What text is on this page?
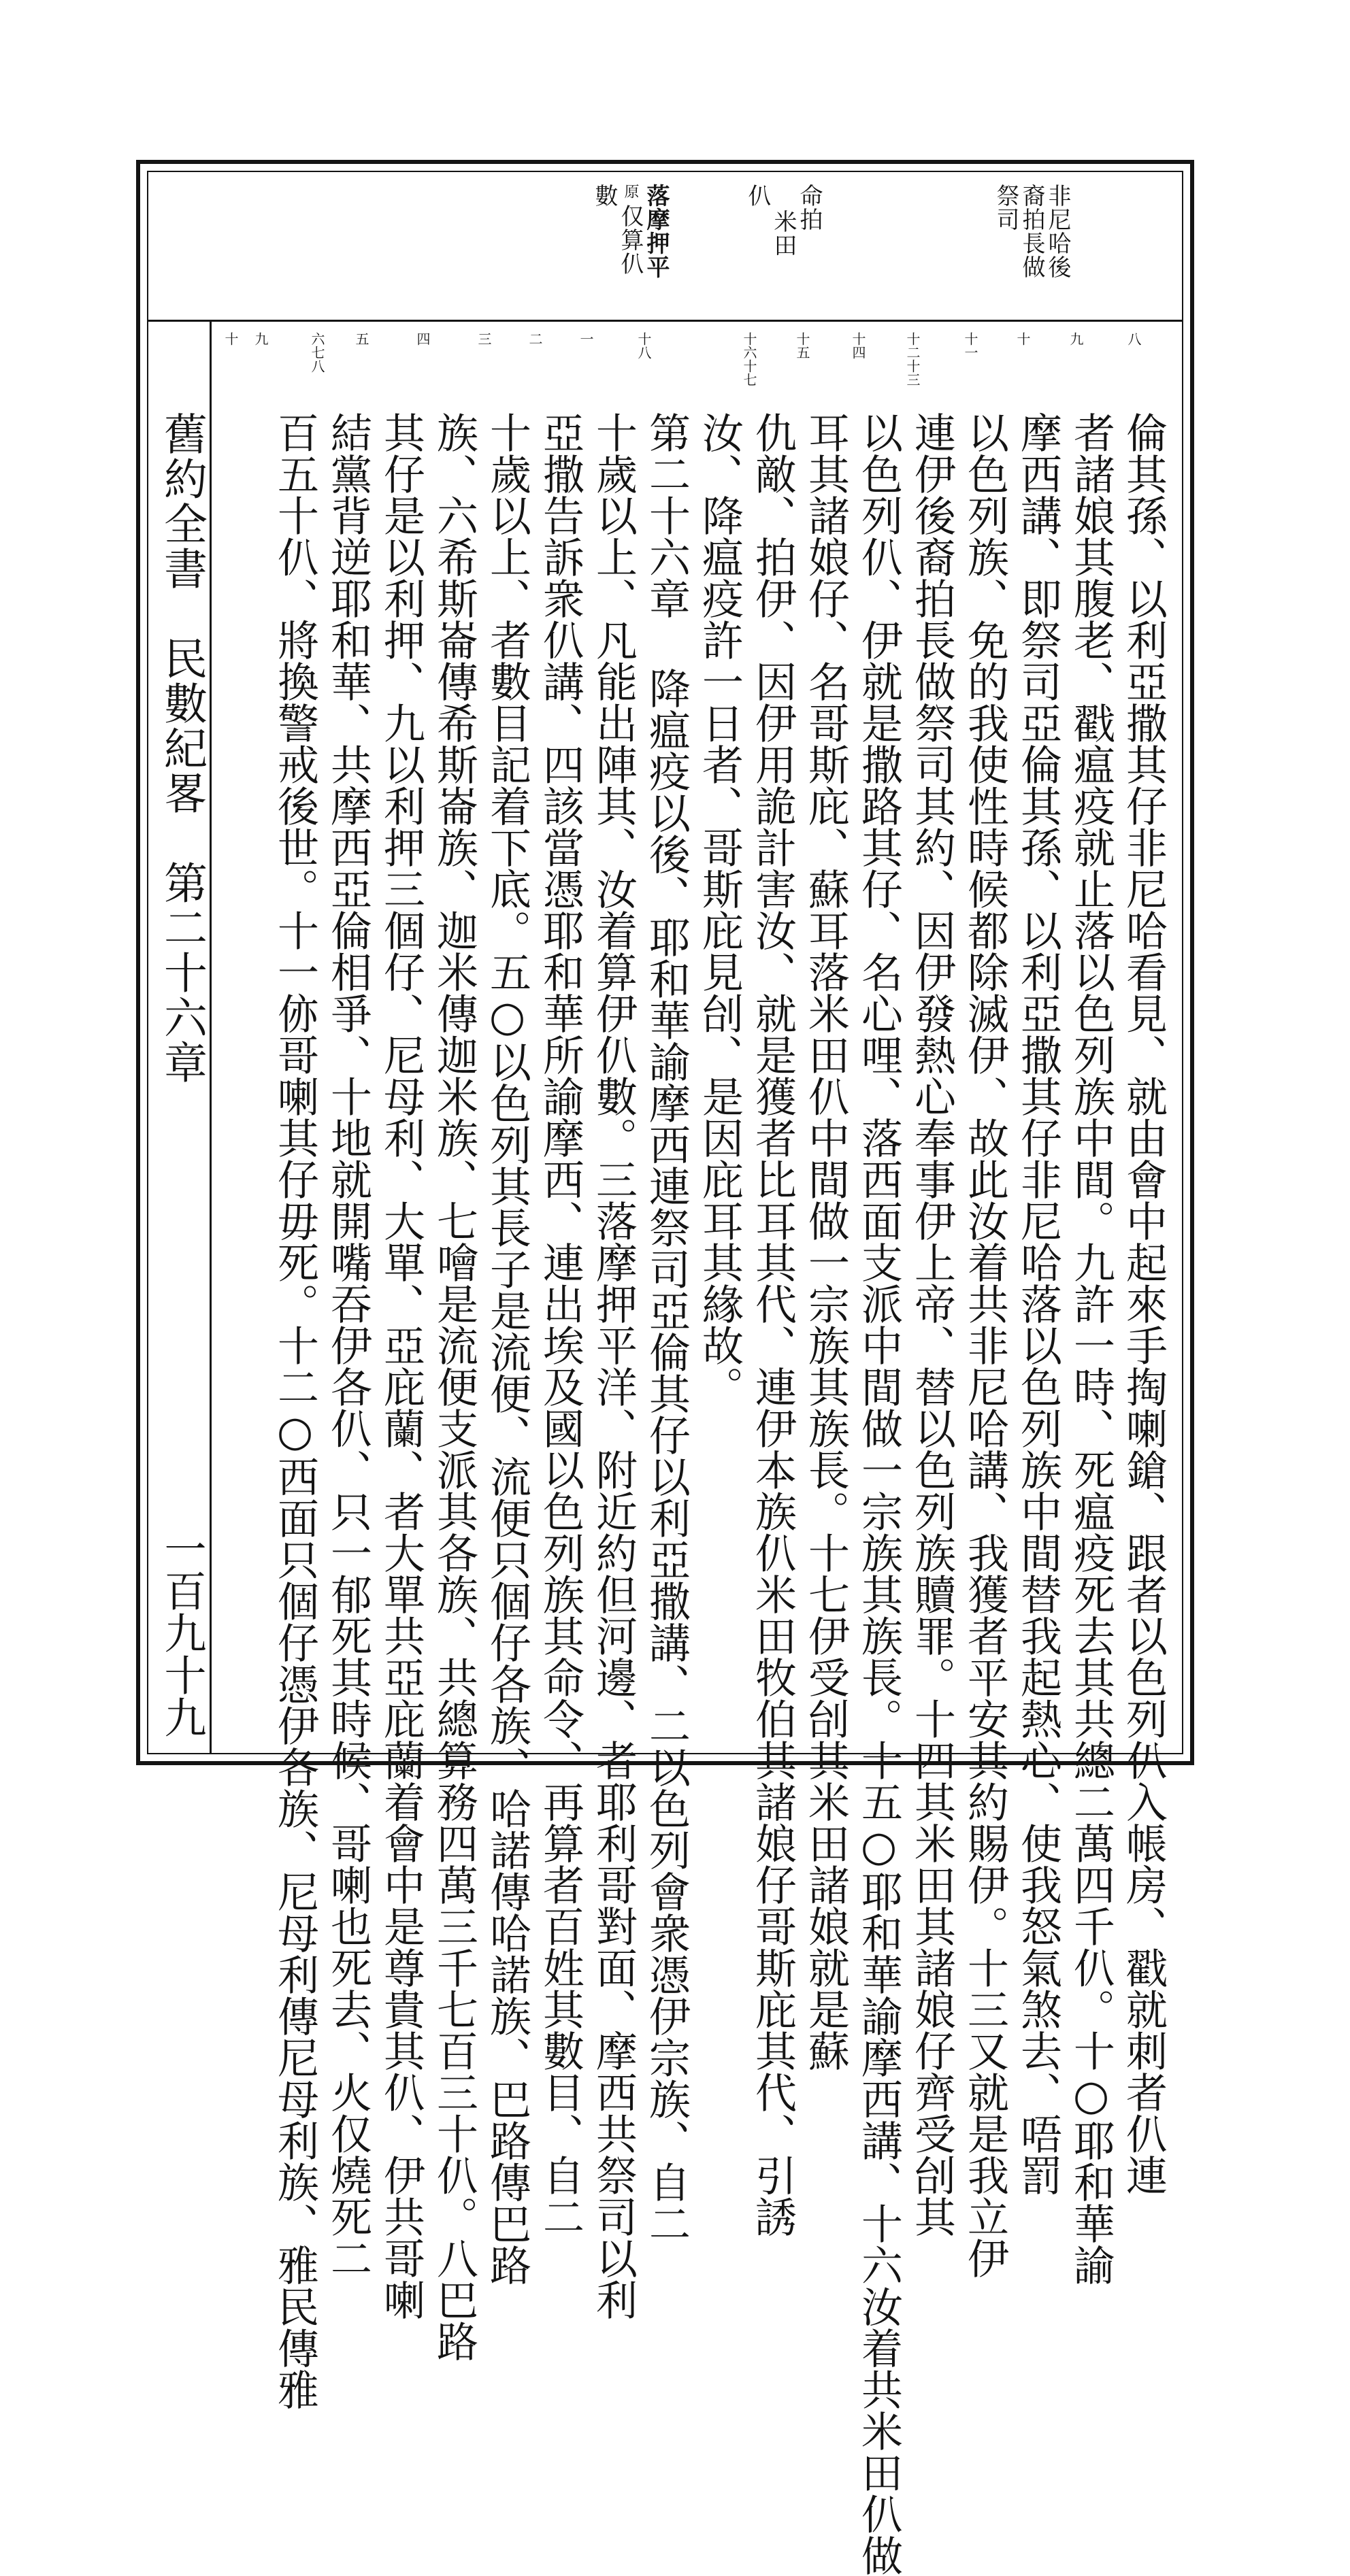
非尼哈後
裔拍長做
祭司
命拍
米田
仈
落摩押平
原
仅算仈
數
八
九
十
十一
十二十三
十四
十五
十六十七
十八
一
二
三
四
五
六七八
九
十
倫其孫、以利亞撒其仔非尼哈看見、就由會中起來手掏喇鎗、跟者以色列仈入帳房、戳就刺者仈連
者諸娘其腹老、戳瘟疫就止落以色列族中間。九許一時、死瘟疫死去其共總二萬四千仈。十○耶和華諭
摩西講、即祭司亞倫其孫、以利亞撒其仔非尼哈落以色列族中間替我起熱心、使我怒氣煞去、唔罰
以色列族、免的我使性時候都除滅伊、故此汝着共非尼哈講、我獲者平安其約賜伊。十三又就是我立伊
連伊後裔拍長做祭司其約、因伊發熱心奉事伊上帝、替以色列族贖罪。十四其米田其諸娘仔齊受刣其
以色列仈、伊就是撒路其仔、名心哩、落西面支派中間做一宗族其族長。十五○耶和華諭摩西講、十六汝着共米田仈做
耳其諸娘仔、名哥斯庇、蘇耳落米田仈中間做一宗族其族長。十七伊受刣其米田諸娘就是蘇
仇敵、拍伊、因伊用詭計害汝、就是獲者比耳其代、連伊本族仈米田牧伯其諸娘仔哥斯庇其代、引誘
汝、降瘟疫許一日者、哥斯庇見刣、是因庇耳其緣故。
第二十六章 降瘟疫以後、耶和華諭摩西連祭司亞倫其仔以利亞撒講、二以色列會衆憑伊宗族、自二
十歲以上、凡能出陣其、汝着算伊仈數。三落摩押平洋、附近約但河邊、者耶利哥對面、摩西共祭司以利
亞撒告訴衆仈講、四該當憑耶和華所諭摩西、連出埃及國以色列族其命令、再算者百姓其數目、自二
十歲以上、者數目記着下底。五○以色列其長子是流便、流便只個仔各族、哈諾傳哈諾族、巴路傳巴路
族、六希斯崙傳希斯崙族、迦米傳迦米族、七噲是流便支派其各族、共總算務四萬三千七百三十仈。八巴路
其仔是以利押、九以利押三個仔、尼母利、大單、亞庇蘭、者大單共亞庇蘭着會中是尊貴其仈、伊共哥喇
結黨背逆耶和華、共摩西亞倫相爭、十地就開嘴吞伊各仈、只一郁死其時候、哥喇也死去、火仅燒死二
百五十仈、將換警戒後世。十一㑊哥喇其仔毋死。十二○西面只個仔憑伊各族、尼母利傳尼母利族、雅民傳雅
舊約全書　民數紀畧　第二十六章
一百九十九
